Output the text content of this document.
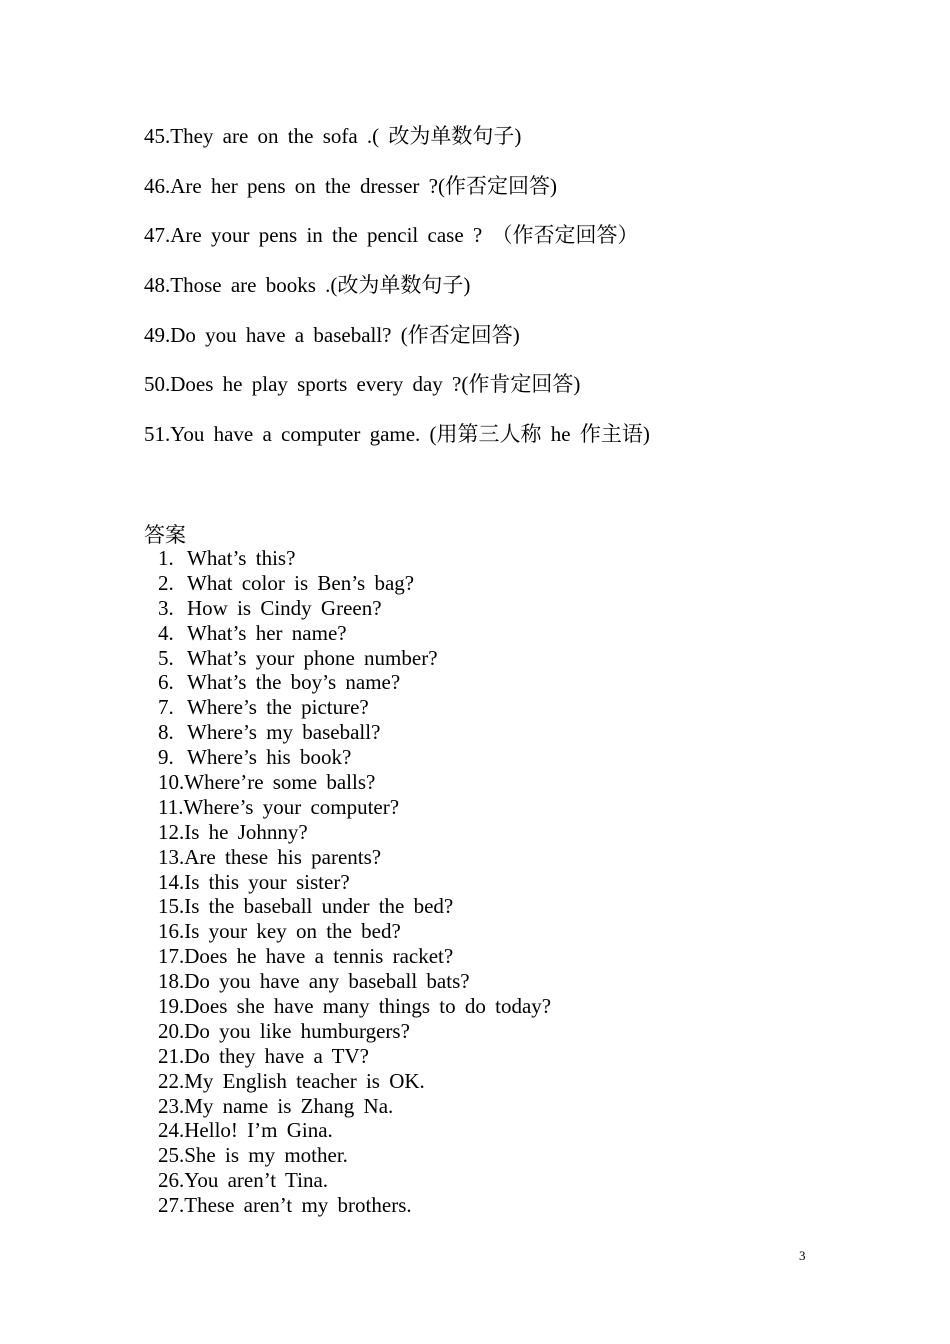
45.They are on the sofa .( 改为单数句子)
46.Are her pens on the dresser ?(作否定回答)
47.Are your pens in the pencil case ? （作否定回答）
48.Those are books .(改为单数句子)
49.Do you have a baseball? (作否定回答)
50.Does he play sports every day ?(作肯定回答)
51.You have a computer game. (用第三人称 he 作主语)
答案
1. What’s this?
2. What color is Ben’s bag?
3. How is Cindy Green?
4. What’s her name?
5. What’s your phone number?
6. What’s the boy’s name?
7. Where’s the picture?
8. Where’s my baseball?
9. Where’s his book?
10.Where’re some balls?
11.Where’s your computer?
12.Is he Johnny?
13.Are these his parents?
14.Is this your sister?
15.Is the baseball under the bed?
16.Is your key on the bed?
17.Does he have a tennis racket?
18.Do you have any baseball bats?
19.Does she have many things to do today?
20.Do you like humburgers?
21.Do they have a TV?
22.My English teacher is OK.
23.My name is Zhang Na.
24.Hello! I’m Gina.
25.She is my mother.
26.You aren’t Tina.
27.These aren’t my brothers.
3
